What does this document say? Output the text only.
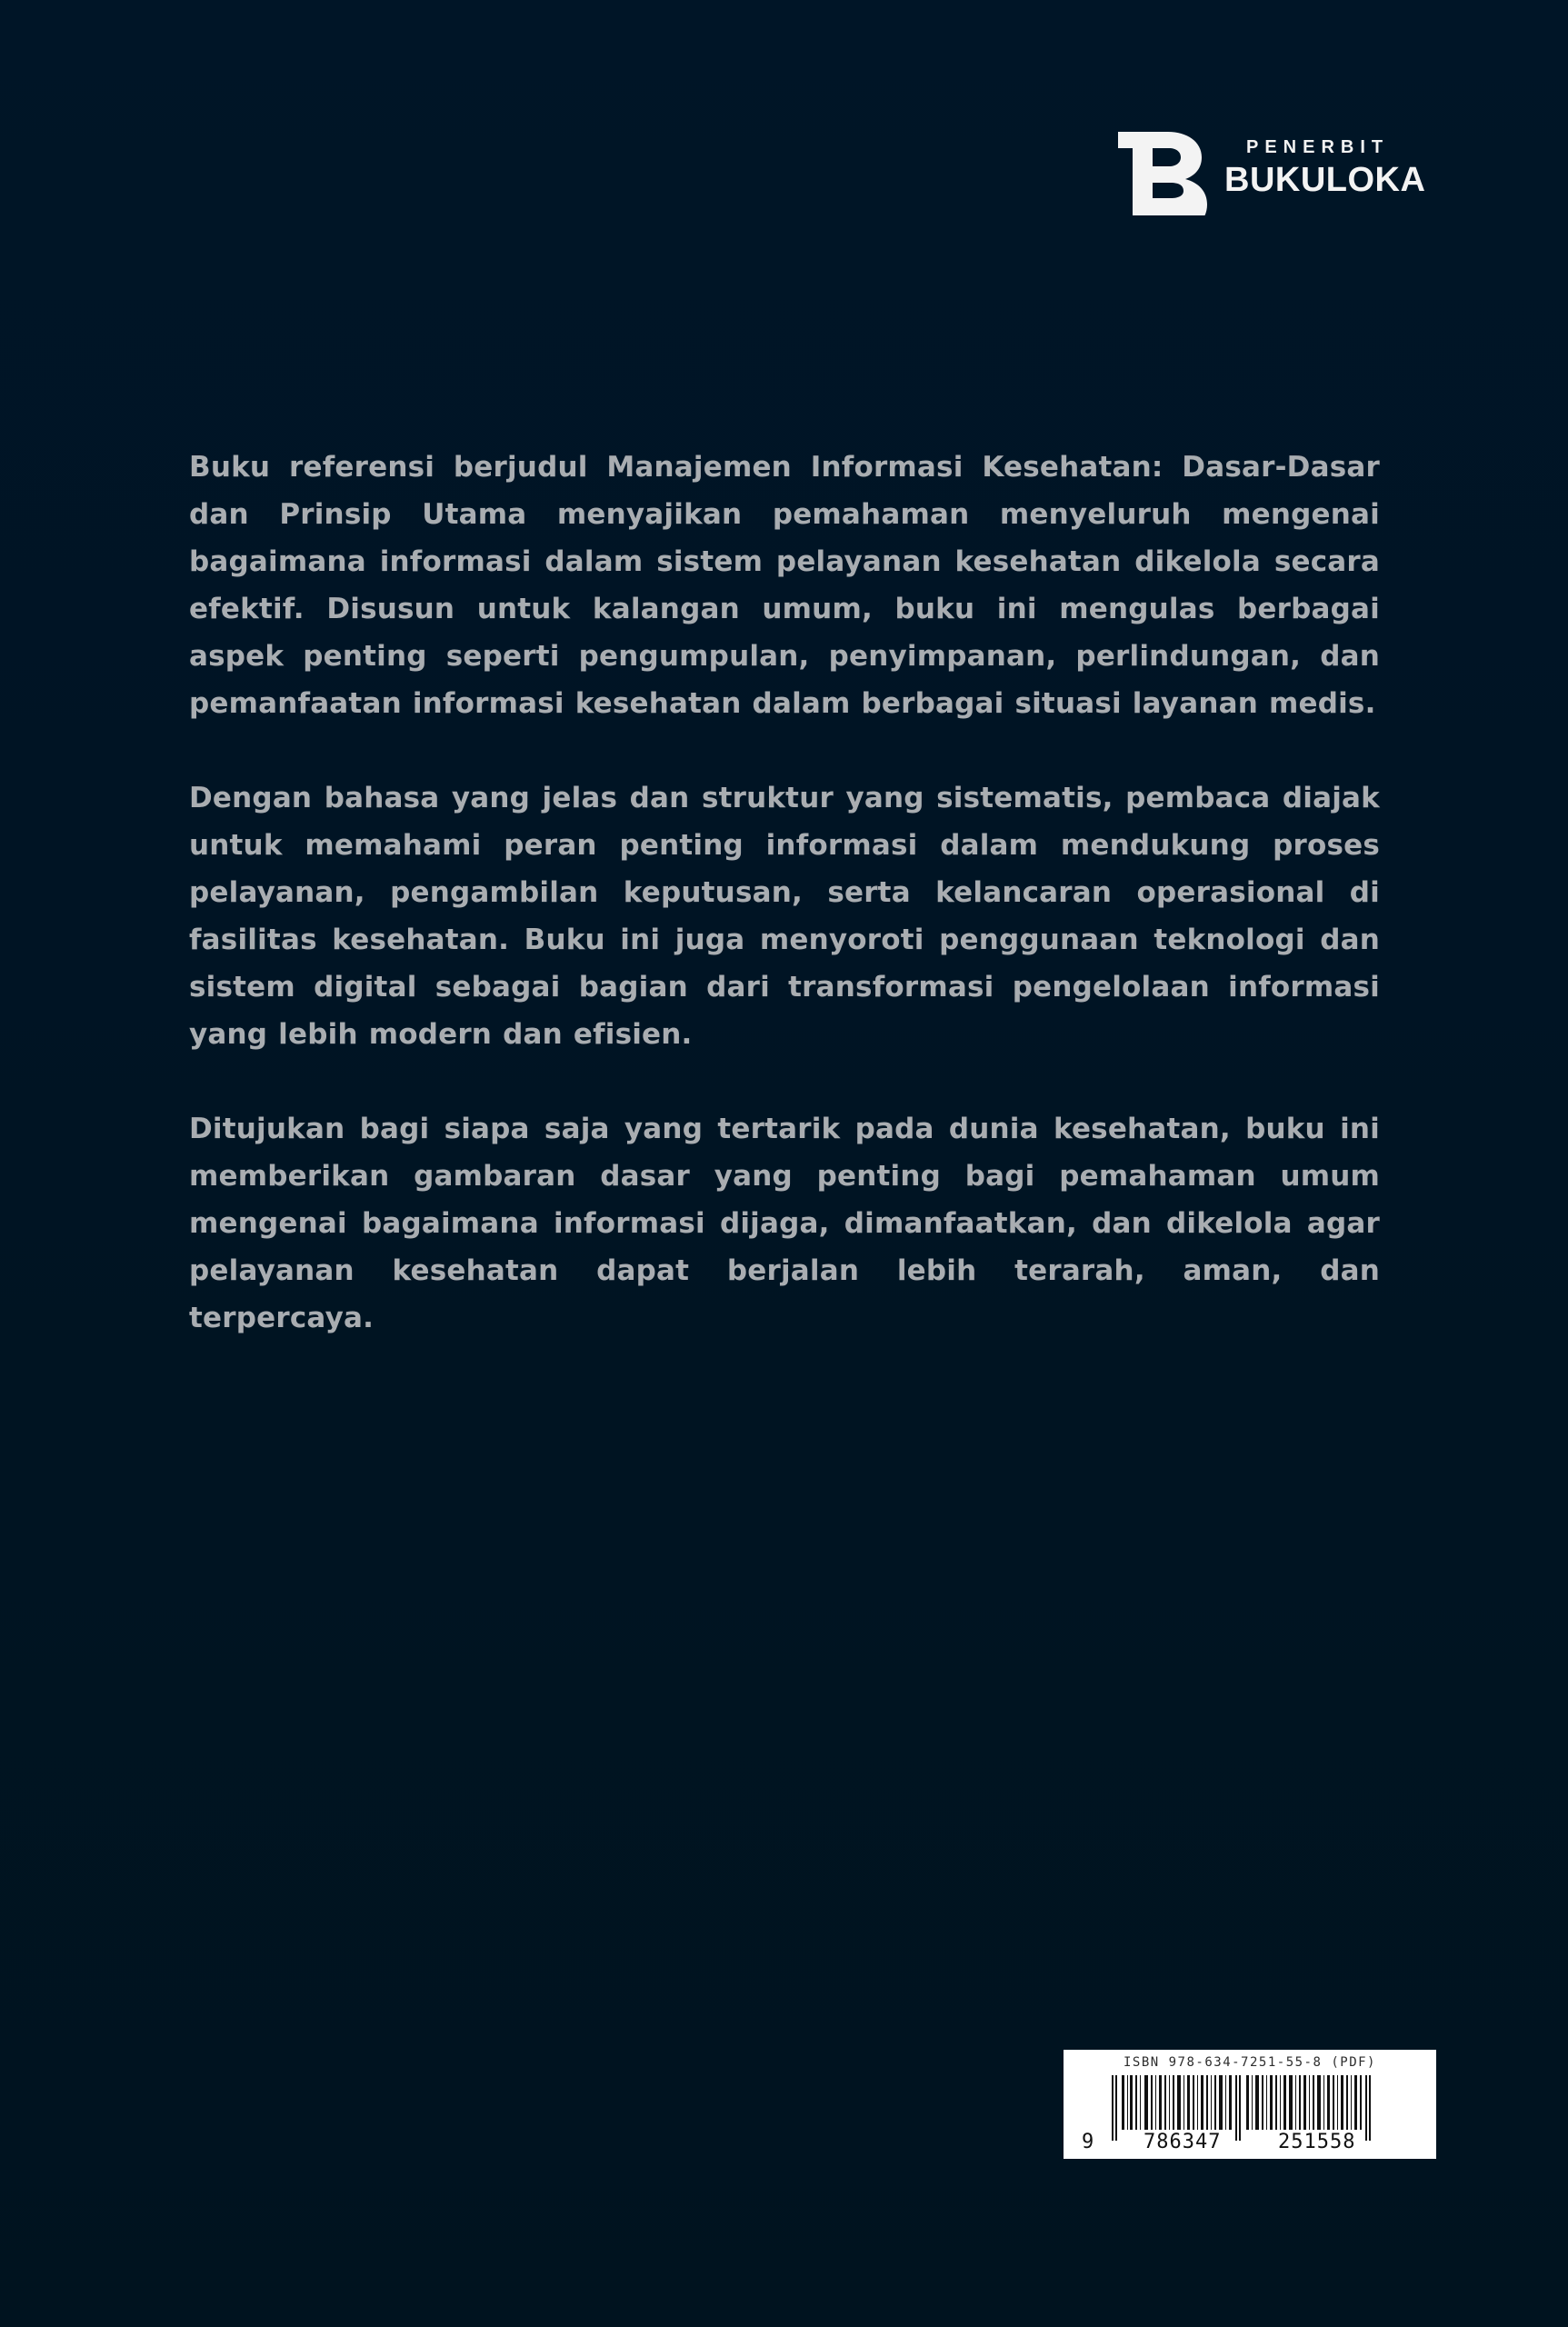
PENERBIT
BUKULOKA

Buku referensi berjudul Manajemen Informasi Kesehatan: Dasar-Dasar dan Prinsip Utama menyajikan pemahaman menyeluruh mengenai bagaimana informasi dalam sistem pelayanan kesehatan dikelola secara efektif. Disusun untuk kalangan umum, buku ini mengulas berbagai aspek penting seperti pengumpulan, penyimpanan, perlindungan, dan pemanfaatan informasi kesehatan dalam berbagai situasi layanan medis.

Dengan bahasa yang jelas dan struktur yang sistematis, pembaca diajak untuk memahami peran penting informasi dalam mendukung proses pelayanan, pengambilan keputusan, serta kelancaran operasional di fasilitas kesehatan. Buku ini juga menyoroti penggunaan teknologi dan sistem digital sebagai bagian dari transformasi pengelolaan informasi yang lebih modern dan efisien.

Ditujukan bagi siapa saja yang tertarik pada dunia kesehatan, buku ini memberikan gambaran dasar yang penting bagi pemahaman umum mengenai bagaimana informasi dijaga, dimanfaatkan, dan dikelola agar pelayanan kesehatan dapat berjalan lebih terarah, aman, dan terpercaya.

ISBN 978-634-7251-55-8 (PDF)
9 786347	251558
